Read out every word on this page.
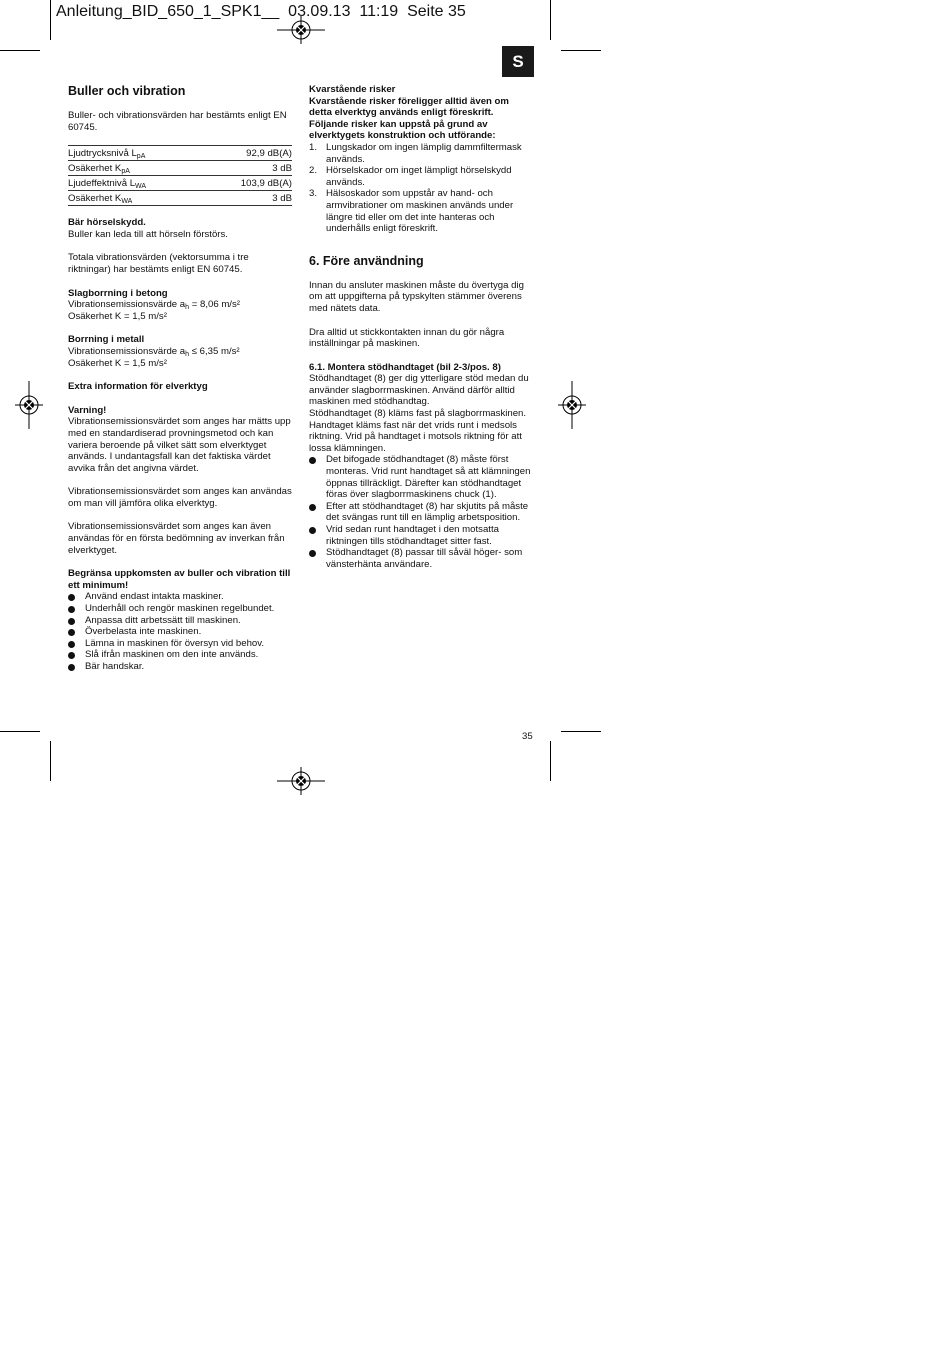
Anleitung_BID_650_1_SPK1__  03.09.13  11:19  Seite 35
S
Buller och vibration

Buller- och vibrationsvärden har bestämts enligt EN 60745.

Ljudtrycksnivå $L_{pA}$	92,9 dB(A)
Osäkerhet $K_{pA}$	3 dB
Ljudeffektnivå $L_{WA}$	103,9 dB(A)
Osäkerhet $K_{WA}$	3 dB

Bär hörselskydd.

Buller kan leda till att hörseln förstörs.

Totala vibrationsvärden (vektorsumma i tre riktningar) har bestämts enligt EN 60745.

Slagborrning i betong

Vibrationsemissionsvärde $a_h = 8,06$ m/s²

Osäkerhet K = 1,5 m/s²

Borrning i metall

Vibrationsemissionsvärde $a_h \le 6,35$ m/s²

Osäkerhet K = 1,5 m/s²

Extra information för elverktyg

Varning!

Vibrationsemissionsvärdet som anges har mätts upp med en standardiserad provningsmetod och kan variera beroende på vilket sätt som elverktyget används. I undantagsfall kan det faktiska värdet avvika från det angivna värdet.

Vibrationsemissionsvärdet som anges kan användas om man vill jämföra olika elverktyg.

Vibrationsemissionsvärdet som anges kan även användas för en första bedömning av inverkan från elverktyget.

Begränsa uppkomsten av buller och vibration till ett minimum!

Använd endast intakta maskiner.
Underhåll och rengör maskinen regelbundet.
Anpassa ditt arbetssätt till maskinen.
Överbelasta inte maskinen.
Lämna in maskinen för översyn vid behov.
Slå ifrån maskinen om den inte används.
Bär handskar.

Kvarstående risker

Kvarstående risker föreligger alltid även om detta elverktyg används enligt föreskrift. Följande risker kan uppstå på grund av elverktygets konstruktion och utförande:

1. Lungskador om ingen lämplig dammfiltermask används.
2. Hörselskador om inget lämpligt hörselskydd används.
3. Hälsoskador som uppstår av hand- och armvibrationer om maskinen används under längre tid eller om det inte hanteras och underhålls enligt föreskrift.
6. Före användning

Innan du ansluter maskinen måste du övertyga dig om att uppgifterna på typskylten stämmer överens med nätets data.

Dra alltid ut stickkontakten innan du gör några inställningar på maskinen.

6.1. Montera stödhandtaget (bil 2-3/pos. 8)

Stödhandtaget (8) ger dig ytterligare stöd medan du använder slagborrmaskinen. Använd därför alltid maskinen med stödhandtag.

Stödhandtaget (8) kläms fast på slagborrmaskinen. Handtaget kläms fast när det vrids runt i medsols riktning. Vrid på handtaget i motsols riktning för att lossa klämningen.

Det bifogade stödhandtaget (8) måste först monteras. Vrid runt handtaget så att klämningen öppnas tillräckligt. Därefter kan stödhandtaget föras över slagborrmaskinens chuck (1).
Efter att stödhandtaget (8) har skjutits på måste det svängas runt till en lämplig arbetsposition.
Vrid sedan runt handtaget i den motsatta riktningen tills stödhandtaget sitter fast.
Stödhandtaget (8) passar till såväl höger- som vänsterhänta användare.
35
